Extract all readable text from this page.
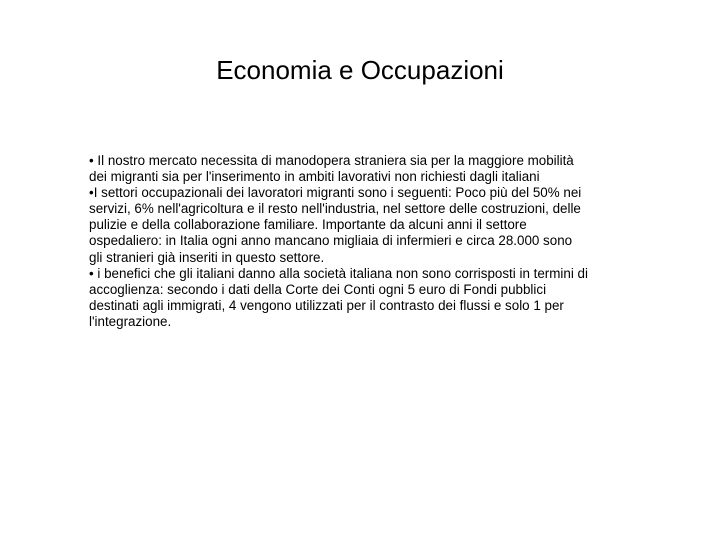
Economia e Occupazioni

• Il nostro mercato necessita di manodopera straniera sia per la maggiore mobilità dei migranti sia per l'inserimento in ambiti lavorativi non richiesti dagli italiani

•I settori occupazionali dei lavoratori migranti sono i seguenti: Poco più del 50% nei servizi, 6% nell'agricoltura e il resto nell'industria, nel settore delle costruzioni, delle pulizie e della collaborazione familiare. Importante da alcuni anni il settore ospedaliero: in Italia ogni anno mancano migliaia di infermieri e circa 28.000 sono gli stranieri già inseriti in questo settore.

• i benefici che gli italiani danno alla società italiana non sono corrisposti in termini di accoglienza: secondo i dati della Corte dei Conti ogni 5 euro di Fondi pubblici destinati agli immigrati, 4 vengono utilizzati per il contrasto dei flussi e solo 1 per l'integrazione.
